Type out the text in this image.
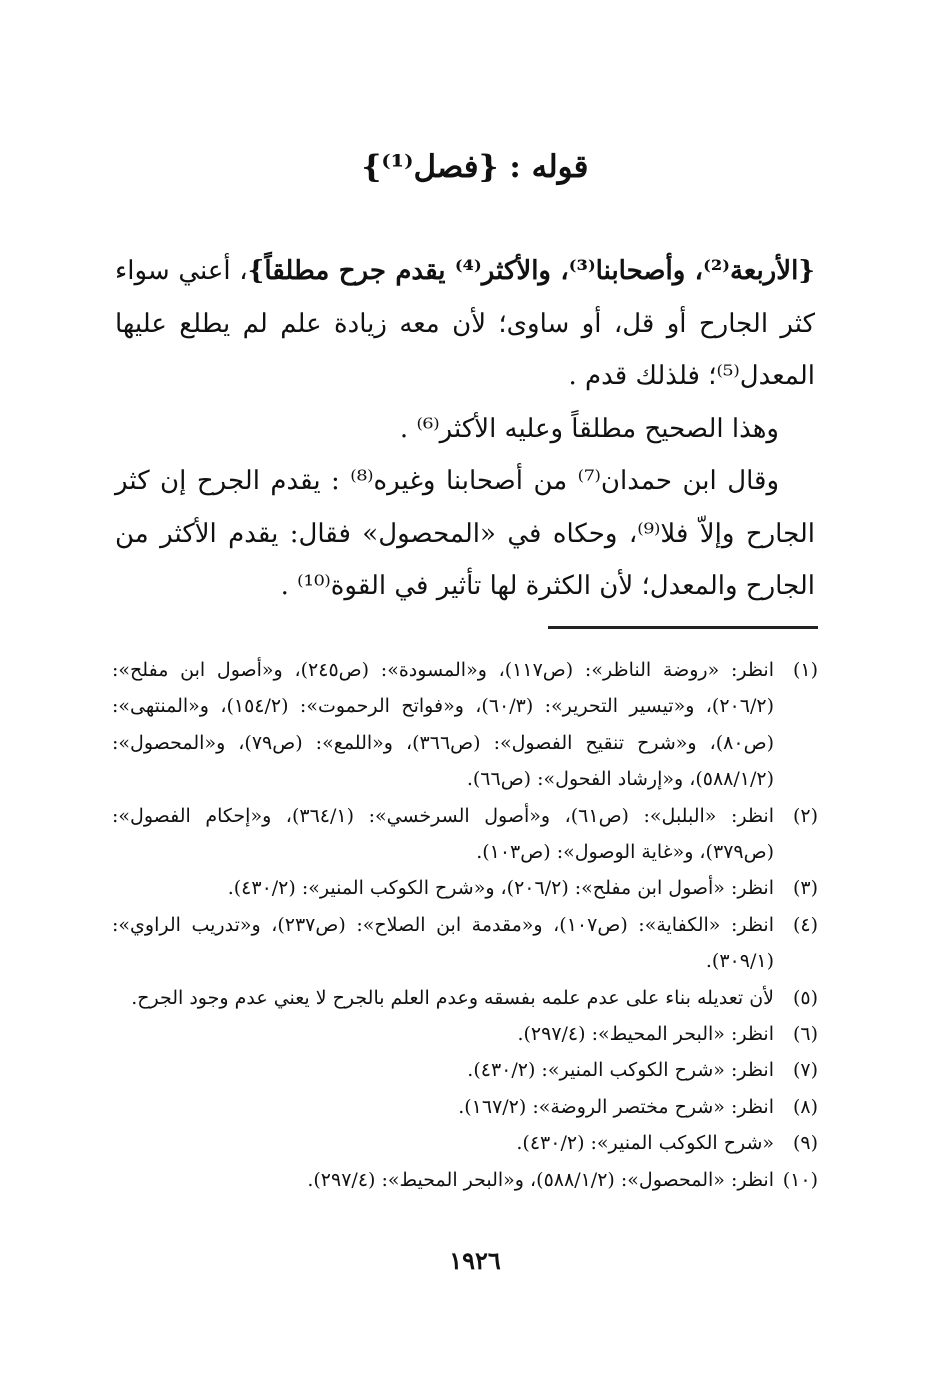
قوله : {فصل⁽¹⁾}

{الأربعة⁽²⁾، وأصحابنا⁽³⁾، والأكثر⁽⁴⁾ يقدم جرح مطلقاً}، أعني سواء كثر الجارح أو قل، أو ساوى؛ لأن معه زيادة علم لم يطلع عليها المعدل⁽⁵⁾؛ فلذلك قدم .

وهذا الصحيح مطلقاً وعليه الأكثر⁽⁶⁾ .

وقال ابن حمدان⁽⁷⁾ من أصحابنا وغيره⁽⁸⁾ : يقدم الجرح إن كثر الجارح وإلاّ فلا⁽⁹⁾، وحكاه في «المحصول» فقال: يقدم الأكثر من الجارح والمعدل؛ لأن الكثرة لها تأثير في القوة⁽¹⁰⁾ .

(١)
انظر: «روضة الناظر»: (ص١١٧)، و«المسودة»: (ص٢٤٥)، و«أصول ابن مفلح»: (٢٠٦/٢)، و«تيسير التحرير»: (٦٠/٣)، و«فواتح الرحموت»: (١٥٤/٢)، و«المنتهى»: (ص٨٠)، و«شرح تنقيح الفصول»: (ص٣٦٦)، و«اللمع»: (ص٧٩)، و«المحصول»: (٥٨٨/١/٢)، و«إرشاد الفحول»: (ص٦٦).
(٢)
انظر: «البلبل»: (ص٦١)، و«أصول السرخسي»: (٣٦٤/١)، و«إحكام الفصول»: (ص٣٧٩)، و«غاية الوصول»: (ص١٠٣).
(٣)
انظر: «أصول ابن مفلح»: (٢٠٦/٢)، و«شرح الكوكب المنير»: (٤٣٠/٢).
(٤)
انظر: «الكفاية»: (ص١٠٧)، و«مقدمة ابن الصلاح»: (ص٢٣٧)، و«تدريب الراوي»: (٣٠٩/١).
(٥)
لأن تعديله بناء على عدم علمه بفسقه وعدم العلم بالجرح لا يعني عدم وجود الجرح.
(٦)
انظر: «البحر المحيط»: (٢٩٧/٤).
(٧)
انظر: «شرح الكوكب المنير»: (٤٣٠/٢).
(٨)
انظر: «شرح مختصر الروضة»: (١٦٧/٢).
(٩)
«شرح الكوكب المنير»: (٤٣٠/٢).
(١٠)
انظر: «المحصول»: (٥٨٨/١/٢)، و«البحر المحيط»: (٢٩٧/٤).
١٩٢٦
